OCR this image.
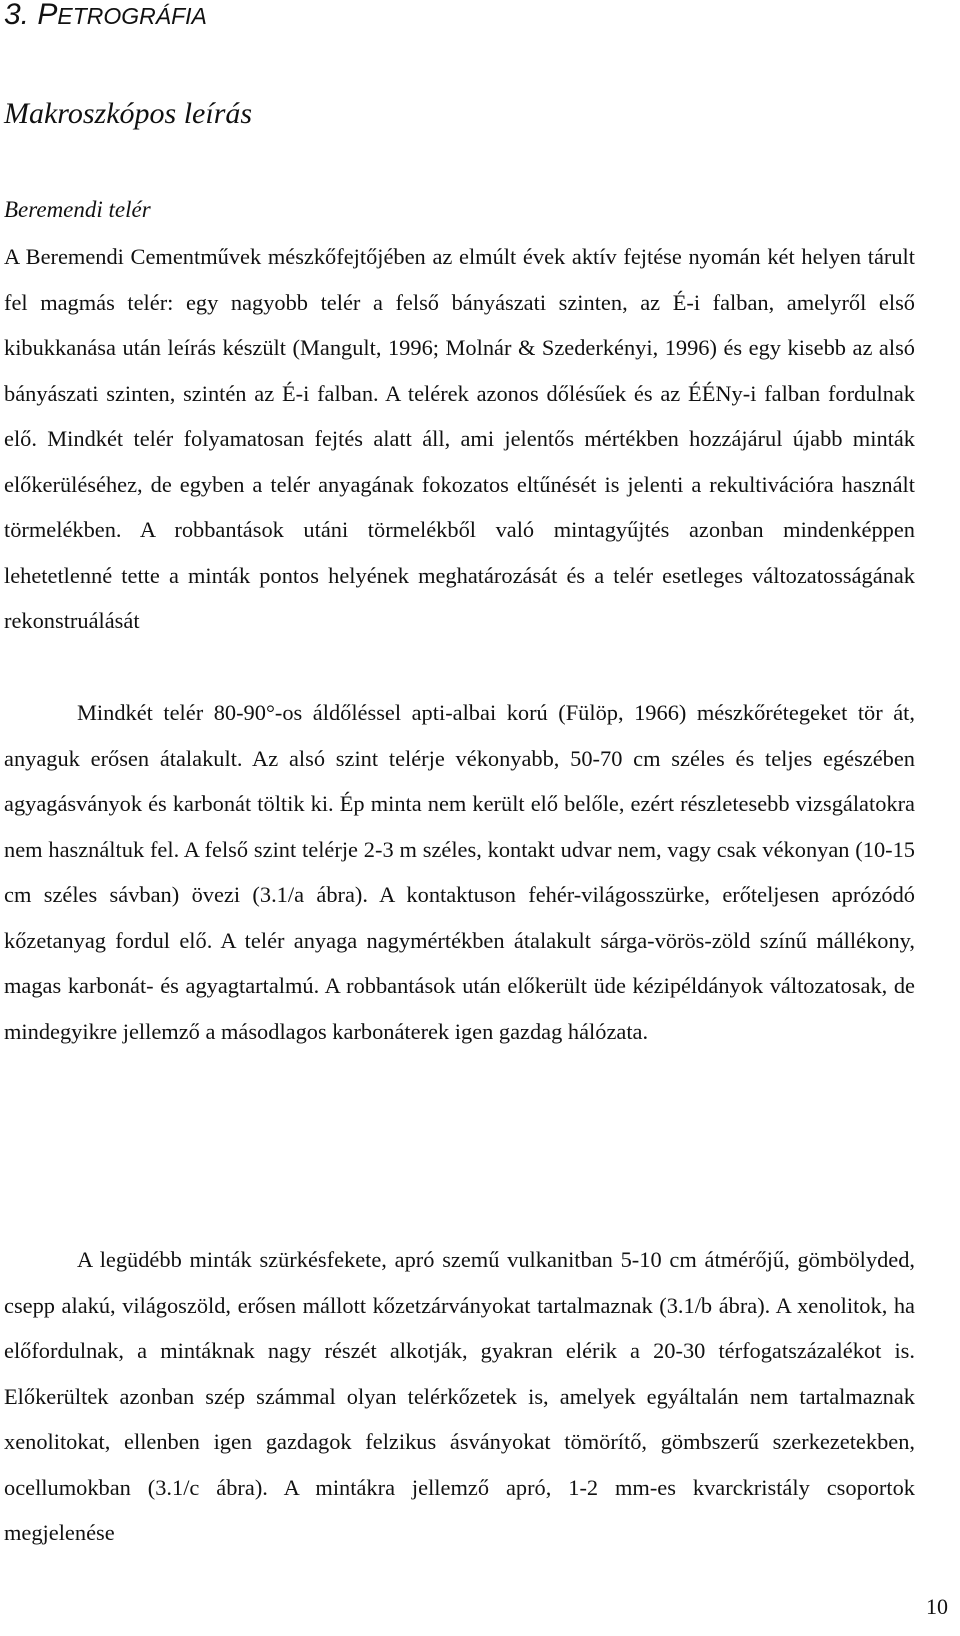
3. PETROGRÁFIA
Makroszkópos leírás
Beremendi telér

A Beremendi Cementművek mészkőfejtőjében az elmúlt évek aktív fejtése nyomán két helyen tárult fel magmás telér: egy nagyobb telér a felső bányászati szinten, az É-i falban, amelyről első kibukkanása után leírás készült (Mangult, 1996; Molnár & Szederkényi, 1996) és egy kisebb az alsó bányászati szinten, szintén az É-i falban. A telérek azonos dőlésűek és az ÉÉNy-i falban fordulnak elő. Mindkét telér folyamatosan fejtés alatt áll, ami jelentős mértékben hozzájárul újabb minták előkerüléséhez, de egyben a telér anyagának fokozatos eltűnését is jelenti a rekultivációra használt törmelékben. A robbantások utáni törmelékből való mintagyűjtés azonban mindenképpen lehetetlenné tette a minták pontos helyének meghatározását és a telér esetleges változatosságának rekonstruálását

Mindkét telér 80-90°-os áldőléssel apti-albai korú (Fülöp, 1966) mészkőrétegeket tör át, anyaguk erősen átalakult. Az alsó szint telérje vékonyabb, 50-70 cm széles és teljes egészében agyagásványok és karbonát töltik ki. Ép minta nem került elő belőle, ezért részletesebb vizsgálatokra nem használtuk fel. A felső szint telérje 2-3 m széles, kontakt udvar nem, vagy csak vékonyan (10-15 cm széles sávban) övezi (3.1/a ábra). A kontaktuson fehér-világosszürke, erőteljesen aprózódó kőzetanyag fordul elő. A telér anyaga nagymértékben átalakult sárga-vörös-zöld színű mállékony, magas karbonát- és agyagtartalmú. A robbantások után előkerült üde kézipéldányok változatosak, de mindegyikre jellemző a másodlagos karbonáterek igen gazdag hálózata.

A legüdébb minták szürkésfekete, apró szemű vulkanitban 5-10 cm átmérőjű, gömbölyded, csepp alakú, világoszöld, erősen mállott kőzetzárványokat tartalmaznak (3.1/b ábra). A xenolitok, ha előfordulnak, a mintáknak nagy részét alkotják, gyakran elérik a 20-30 térfogatszázalékot is. Előkerültek azonban szép számmal olyan telérkőzetek is, amelyek egyáltalán nem tartalmaznak xenolitokat, ellenben igen gazdagok felzikus ásványokat tömörítő, gömbszerű szerkezetekben, ocellumokban (3.1/c ábra). A mintákra jellemző apró, 1-2 mm-es kvarckristály csoportok megjelenése

10
